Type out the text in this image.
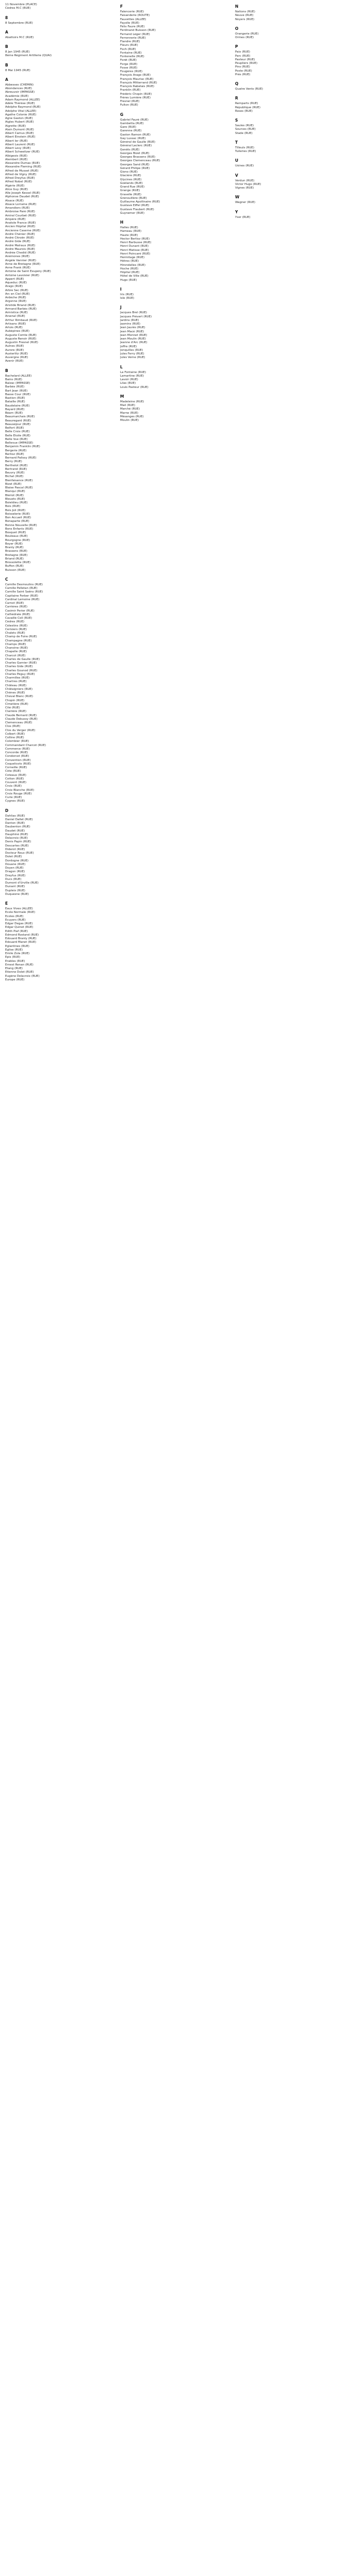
11 Novembre (PLACE)
Cèdres M.C (RUE)
8
8 Septembre (RUE)
A
Abattoirs M.C (RUE)
B
8 Jan 1945 (RUE)
8ème Régiment Artillerie (QUAI)
B
8 Mai 1945 (RUE)
A
Abbesses (CHEMIN)
Abondances (RUE)
Abreuvoir (IMPASSE)
Académie (RUE)
Adam Raymond (ALLÉE)
Adèle Thérèse (RUE)
Adolphe Raymond (RUE)
Adolphe Vital (ALLÉE)
Agathe Colonie (RUE)
Agne Gaston (RUE)
Aigles Hubert (RUE)
Aigrette (RUE)
Alain Dumont (RUE)
Albert Camus (RUE)
Albert Einstein (RUE)
Albert Ier (RUE)
Albert Laurent (RUE)
Albert Levy (RUE)
Albert Schweitzer (RUE)
Albigeois (RUE)
Alembert (RUE)
Alexandre Dumas (RUE)
Alexandre Fleming (RUE)
Alfred de Musset (RUE)
Alfred de Vigny (RUE)
Alfred Dreyfus (RUE)
Alfred Nobel (RUE)
Algérie (RUE)
Alice Guy (RUE)
Alle Joseph Kessel (RUE)
Alphonse Daudet (RUE)
Alsace (RUE)
Alsace Lorraine (RUE)
Amandiers (RUE)
Ambroise Paré (RUE)
Amiral Courbet (RUE)
Ampère (RUE)
Anatole France (RUE)
Ancien Hôpital (RUE)
Ancienne Caserne (RUE)
André Chénier (RUE)
André Citroën (RUE)
André Gide (RUE)
André Malraux (RUE)
André Maurois (RUE)
Andrée Chedid (RUE)
Anémones (RUE)
Angèle Vannier (RUE)
Anne de Bretagne (RUE)
Anne Frank (RUE)
Antoine de Saint Exupéry (RUE)
Antoine Lavoisier (RUE)
Appert (RUE)
Aqueduc (RUE)
Arago (RUE)
Arbre Sec (RUE)
Arc en Ciel (RUE)
Ardèche (RUE)
Argonne (RUE)
Aristide Briand (RUE)
Armand Barbès (RUE)
Armistice (RUE)
Arsenal (RUE)
Arthur Rimbaud (RUE)
Artisans (RUE)
Artois (RUE)
Aubépines (RUE)
Auguste Comte (RUE)
Auguste Renoir (RUE)
Augustin Fresnel (RUE)
Aulnes (RUE)
Aurore (RUE)
Austerlitz (RUE)
Auvergne (RUE)
Avenir (RUE)
B
Bachelard (ALLÉE)
Bains (RUE)
Balzac (IMPASSE)
Barbès (RUE)
Bart Jean (RUE)
Basse Cour (RUE)
Bastion (RUE)
Bataille (RUE)
Baudelaire (RUE)
Bayard (RUE)
Béarn (RUE)
Beaumarchais (RUE)
Beauregard (RUE)
Beauséjour (RUE)
Belfort (RUE)
Belle Croix (RUE)
Belle Etoile (RUE)
Belle Vue (RUE)
Bellevue (IMPASSE)
Benjamin Franklin (RUE)
Bergerie (RUE)
Berlioz (RUE)
Bernard Palissy (RUE)
Berry (RUE)
Berthelot (RUE)
Bertrand (RUE)
Beuvry (RUE)
Bichat (RUE)
Bienfaisance (RUE)
Bizet (RUE)
Blaise Pascal (RUE)
Blanqui (RUE)
Blériot (RUE)
Bleuets (RUE)
Boieldieu (RUE)
Bois (RUE)
Bois Joli (RUE)
Boisselerie (RUE)
Bon Accueil (RUE)
Bonaparte (RUE)
Bonne Nouvelle (RUE)
Bons Enfants (RUE)
Bosquet (RUE)
Bouleaux (RUE)
Bourgogne (RUE)
Boyer (RUE)
Branly (RUE)
Brassens (RUE)
Bretagne (RUE)
Briand (RUE)
Brossolette (RUE)
Buffon (RUE)
Buisson (RUE)
C
Camille Desmoulins (RUE)
Camille Pelletan (RUE)
Camille Saint Saëns (RUE)
Capitaine Ferber (RUE)
Cardinal Lemoine (RUE)
Carnot (RUE)
Carrières (RUE)
Casimir Perier (RUE)
Cathédrale (RUE)
Cavaillé Coll (RUE)
Cèdres (RUE)
Célestins (RUE)
Cerisiers (RUE)
Chalets (RUE)
Champ de Foire (RUE)
Champagne (RUE)
Champs (RUE)
Chanoine (RUE)
Chapelle (RUE)
Charcot (RUE)
Charles de Gaulle (RUE)
Charles Garnier (RUE)
Charles Gide (RUE)
Charles Gounod (RUE)
Charles Péguy (RUE)
Charmilles (RUE)
Chartres (RUE)
Château (RUE)
Châtaigniers (RUE)
Chênes (RUE)
Cheval Blanc (RUE)
Chopin (RUE)
Cimetière (RUE)
Cité (RUE)
Clairière (RUE)
Claude Bernard (RUE)
Claude Debussy (RUE)
Clemenceau (RUE)
Clos (RUE)
Clos du Verger (RUE)
Colbert (RUE)
Colline (RUE)
Colombier (RUE)
Commandant Charcot (RUE)
Commerce (RUE)
Concorde (RUE)
Condorcet (RUE)
Convention (RUE)
Coquelicots (RUE)
Corneille (RUE)
Côte (RUE)
Coteaux (RUE)
Cotton (RUE)
Couvent (RUE)
Croix (RUE)
Croix Blanche (RUE)
Croix Rouge (RUE)
Curie (RUE)
Cygnes (RUE)
D
Dahlias (RUE)
Daniel Dallet (RUE)
Danton (RUE)
Daubenton (RUE)
Daudet (RUE)
Dauphiné (RUE)
Delacroix (RUE)
Denis Papin (RUE)
Descartes (RUE)
Diderot (RUE)
Docteur Roux (RUE)
Dolet (RUE)
Dordogne (RUE)
Douane (RUE)
Doyen (RUE)
Dragon (RUE)
Dreyfus (RUE)
Ducs (RUE)
Dumont d'Urville (RUE)
Dunant (RUE)
Dupleix (RUE)
Duquesne (RUE)
E
Eaux Vives (ALLÉE)
Ecole Normale (RUE)
Ecoles (RUE)
Ecuyers (RUE)
Edgar Degas (RUE)
Edgar Quinet (RUE)
Edith Piaf (RUE)
Edmond Rostand (RUE)
Edouard Branly (RUE)
Edouard Manet (RUE)
Eglantines (RUE)
Eglise (RUE)
Emile Zola (RUE)
Epis (RUE)
Erables (RUE)
Ernest Renan (RUE)
Etang (RUE)
Etienne Dolet (RUE)
Eugène Delacroix (RUE)
Europe (RUE)
F
Faïencerie (RUE)
Faisanderie (ROUTE)
Fauvettes (ALLÉE)
Fayolle (RUE)
Félix Faure (RUE)
Ferdinand Buisson (RUE)
Fernand Léger (RUE)
Ferronnerie (RUE)
Flandre (RUE)
Fleurs (RUE)
Foch (RUE)
Fontaine (RUE)
Fontenelle (RUE)
Forêt (RUE)
Forge (RUE)
Fosse (RUE)
Fougères (RUE)
François Arago (RUE)
François Mauriac (RUE)
François Mitterrand (RUE)
François Rabelais (RUE)
Franklin (RUE)
Frédéric Chopin (RUE)
Frères Lumière (RUE)
Fresnel (RUE)
Fulton (RUE)
G
Gabriel Fauré (RUE)
Gambetta (RUE)
Gare (RUE)
Garenne (RUE)
Gaston Ramon (RUE)
Gay Lussac (RUE)
Général de Gaulle (RUE)
Général Leclerc (RUE)
Genêts (RUE)
Georges Bizet (RUE)
Georges Brassens (RUE)
Georges Clemenceau (RUE)
Georges Sand (RUE)
Gérard Philipe (RUE)
Giono (RUE)
Glacière (RUE)
Glycines (RUE)
Goélands (RUE)
Grand Rue (RUE)
Grange (RUE)
Gravelle (RUE)
Grenouillère (RUE)
Guillaume Apollinaire (RUE)
Gustave Eiffel (RUE)
Gustave Flaubert (RUE)
Guynemer (RUE)
H
Halles (RUE)
Hameau (RUE)
Haute (RUE)
Hector Berlioz (RUE)
Henri Barbusse (RUE)
Henri Dunant (RUE)
Henri Matisse (RUE)
Henri Poincaré (RUE)
Hermitage (RUE)
Hêtres (RUE)
Hirondelles (RUE)
Hoche (RUE)
Hôpital (RUE)
Hôtel de Ville (RUE)
Hugo (RUE)
I
Iris (RUE)
Isle (RUE)
J
Jacques Brel (RUE)
Jacques Prévert (RUE)
Jardins (RUE)
Jasmins (RUE)
Jean Jaurès (RUE)
Jean Macé (RUE)
Jean Monnet (RUE)
Jean Moulin (RUE)
Jeanne d'Arc (RUE)
Joffre (RUE)
Jonquilles (RUE)
Jules Ferry (RUE)
Jules Verne (RUE)
L
La Fontaine (RUE)
Lamartine (RUE)
Lavoir (RUE)
Lilas (RUE)
Louis Pasteur (RUE)
M
Madeleine (RUE)
Mail (RUE)
Marché (RUE)
Marne (RUE)
Mésanges (RUE)
Moulin (RUE)
N
Nations (RUE)
Neuve (RUE)
Noyers (RUE)
O
Orangerie (RUE)
Ormes (RUE)
P
Paix (RUE)
Parc (RUE)
Pasteur (RUE)
Peupliers (RUE)
Pins (RUE)
Poste (RUE)
Prés (RUE)
Q
Quatre Vents (RUE)
R
Remparts (RUE)
République (RUE)
Roses (RUE)
S
Saules (RUE)
Sources (RUE)
Stade (RUE)
T
Tilleuls (RUE)
Tuileries (RUE)
U
Usines (RUE)
V
Verdun (RUE)
Victor Hugo (RUE)
Vignes (RUE)
W
Wagner (RUE)
Y
Yser (RUE)
